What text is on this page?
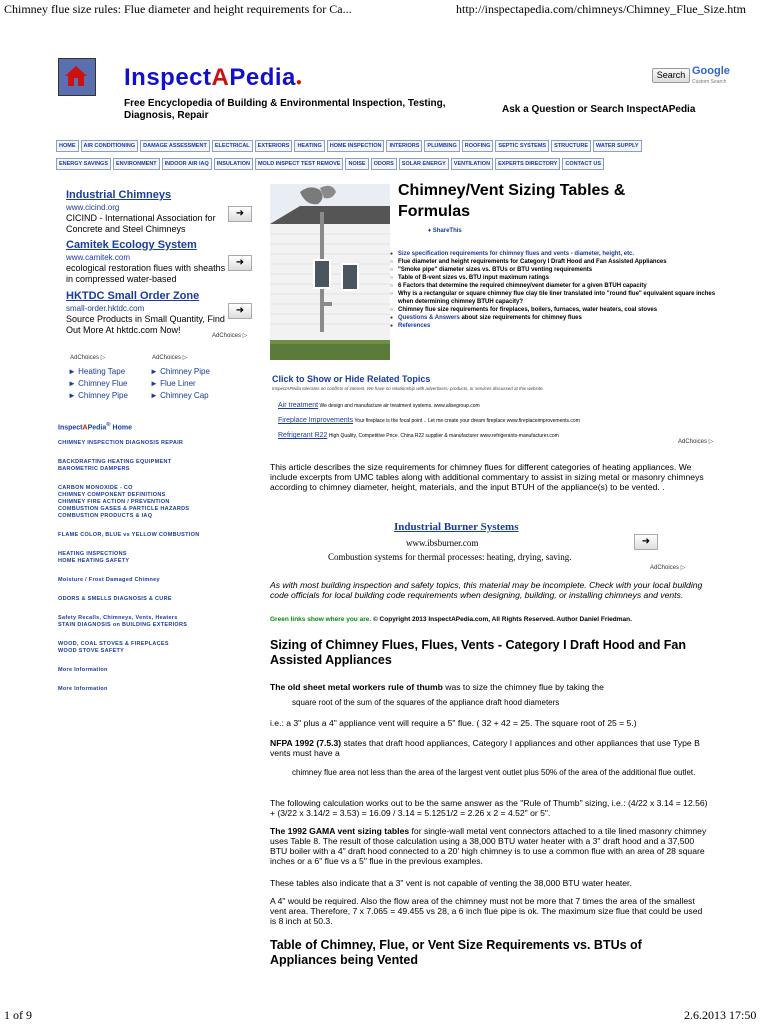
Chimney flue size rules: Flue diameter and height requirements for Ca...	http://inspectapedia.com/chimneys/Chimney_Flue_Size.htm
1 of 9	2.6.2013 17:50
InspectAPedia●
Free Encyclopedia of Building & Environmental Inspection, Testing, Diagnosis, Repair
Ask a Question or Search InspectAPedia
Search Google
Custom Search
HOME	AIR CONDITIONING	DAMAGE ASSESSMENT	ELECTRICAL	EXTERIORS	HEATING	HOME INSPECTION	INTERIORS	PLUMBING	ROOFING	SEPTIC SYSTEMS	STRUCTURE	WATER SUPPLY
ENERGY SAVINGS	ENVIRONMENT	INDOOR AIR IAQ	INSULATION	MOLD INSPECT TEST REMOVE	NOISE	ODORS	SOLAR ENERGY	VENTILATION	EXPERTS DIRECTORY	CONTACT US
Industrial Chimneys
www.cicind.org
CICIND - International Association for Concrete and Steel Chimneys
➜
Camitek Ecology System
www.camitek.com
ecological restoration flues with sheaths in compressed water-based
➜
HKTDC Small Order Zone
small-order.hktdc.com
Source Products in Small Quantity, Find Out More At hktdc.com Now!
➜
AdChoices ▷
AdChoices ▷	AdChoices ▷
► Heating Tape
► Chimney Flue
► Chimney Pipe
► Chimney Pipe
► Flue Liner
► Chimney Cap
InspectAPedia® Home
CHIMNEY INSPECTION DIAGNOSIS REPAIR
BACKDRAFTING HEATING EQUIPMENT
BAROMETRIC DAMPERS
CARBON MONOXIDE - CO
CHIMNEY COMPONENT DEFINITIONS
CHIMNEY FIRE ACTION / PREVENTION
COMBUSTION GASES & PARTICLE HAZARDS
COMBUSTION PRODUCTS & IAQ
FLAME COLOR, BLUE vs YELLOW COMBUSTION
HEATING INSPECTIONS
HOME HEATING SAFETY
Moisture / Frost Damaged Chimney
ODORS & SMELLS DIAGNOSIS & CURE
Safety Recalls, Chimneys, Vents, Heaters
STAIN DIAGNOSIS on BUILDING EXTERIORS
WOOD, COAL STOVES & FIREPLACES
WOOD STOVE SAFETY
More Information
More Information
Chimney/Vent Sizing Tables & Formulas
♦ ShareThis
● Size specification requirements for chimney flues and vents - diameter, height, etc.
○ Flue diameter and height requirements for Category I Draft Hood and Fan Assisted Appliances
○ "Smoke pipe" diameter sizes vs. BTUs or BTU venting requirements
○ Table of B-vent sizes vs. BTU input maximum ratings
○ 6 Factors that determine the required chimney/vent diameter for a given BTUH capacity
○ Why is a rectangular or square chimney flue clay tile liner translated into "round flue" equivalent square inches when determining chimney BTUH capacity?
○ Chimney flue size requirements for fireplaces, boilers, furnaces, water heaters, coal stoves
● Questions & Answers about size requirements for chimney flues
● References
Click to Show or Hide Related Topics
InspectAPedia tolerates no conflicts of interest. We have no relationship with advertisers, products, or services discussed at this website.
Air treatment We design and manufacture air treatment systems. www.alisegroup.com
Fireplace Improvements Your fireplace is the focal point .. Let me create your dream fireplace www.fireplaceimprovements.com
Refrigerant R22 High Quality, Competitive Price. China R22 supplier & manufacturer www.refrigerants-manufacturer.com
AdChoices ▷
This article describes the size requirements for chimney flues for different categories of heating appliances. We include excerpts from UMC tables along with additional commentary to assist in sizing metal or masonry chimneys according to chimney diameter, height, materials, and the input BTUH of the appliance(s) to be vented. .
Industrial Burner Systems
www.ibsburner.com
Combustion systems for thermal processes: heating, drying, saving.
➜
AdChoices ▷
As with most building inspection and safety topics, this material may be incomplete. Check with your local building code officials for local building code requirements when designing, building, or installing chimneys and vents.
Green links show where you are. © Copyright 2013 InspectAPedia.com, All Rights Reserved. Author Daniel Friedman.
Sizing of Chimney Flues, Flues, Vents - Category I Draft Hood and Fan Assisted Appliances
The old sheet metal workers rule of thumb was to size the chimney flue by taking the
square root of the sum of the squares of the appliance draft hood diameters
i.e.: a 3" plus a 4" appliance vent will require a 5" flue. ( 32 + 42 = 25. The square root of 25 = 5.)
NFPA 1992 (7.5.3) states that draft hood appliances, Category I appliances and other appliances that use Type B vents must have a
chimney flue area not less than the area of the largest vent outlet plus 50% of the area of the additional flue outlet.
The following calculation works out to be the same answer as the "Rule of Thumb" sizing, i.e.: (4/22 x 3.14 = 12.56) + (3/22 x 3.14/2 = 3.53) = 16.09 / 3.14 = 5.1251/2 = 2.26 x 2 = 4.52" or 5".
The 1992 GAMA vent sizing tables for single-wall metal vent connectors attached to a tile lined masonry chimney uses Table 8. The result of those calculation using a 38,000 BTU water heater with a 3" draft hood and a 37,500 BTU boiler with a 4" draft hood connected to a 20' high chimney is to use a common flue with an area of 28 square inches or a 6" flue vs a 5" flue in the previous examples.
These tables also indicate that a 3" vent is not capable of venting the 38,000 BTU water heater.
A 4" would be required. Also the flow area of the chimney must not be more that 7 times the area of the smallest vent area. Therefore, 7 x 7.065 = 49.455 vs 28, a 6 inch flue pipe is ok. The maximum size flue that could be used is 8 inch at 50.3.
Table of Chimney, Flue, or Vent Size Requirements vs. BTUs of Appliances being Vented
